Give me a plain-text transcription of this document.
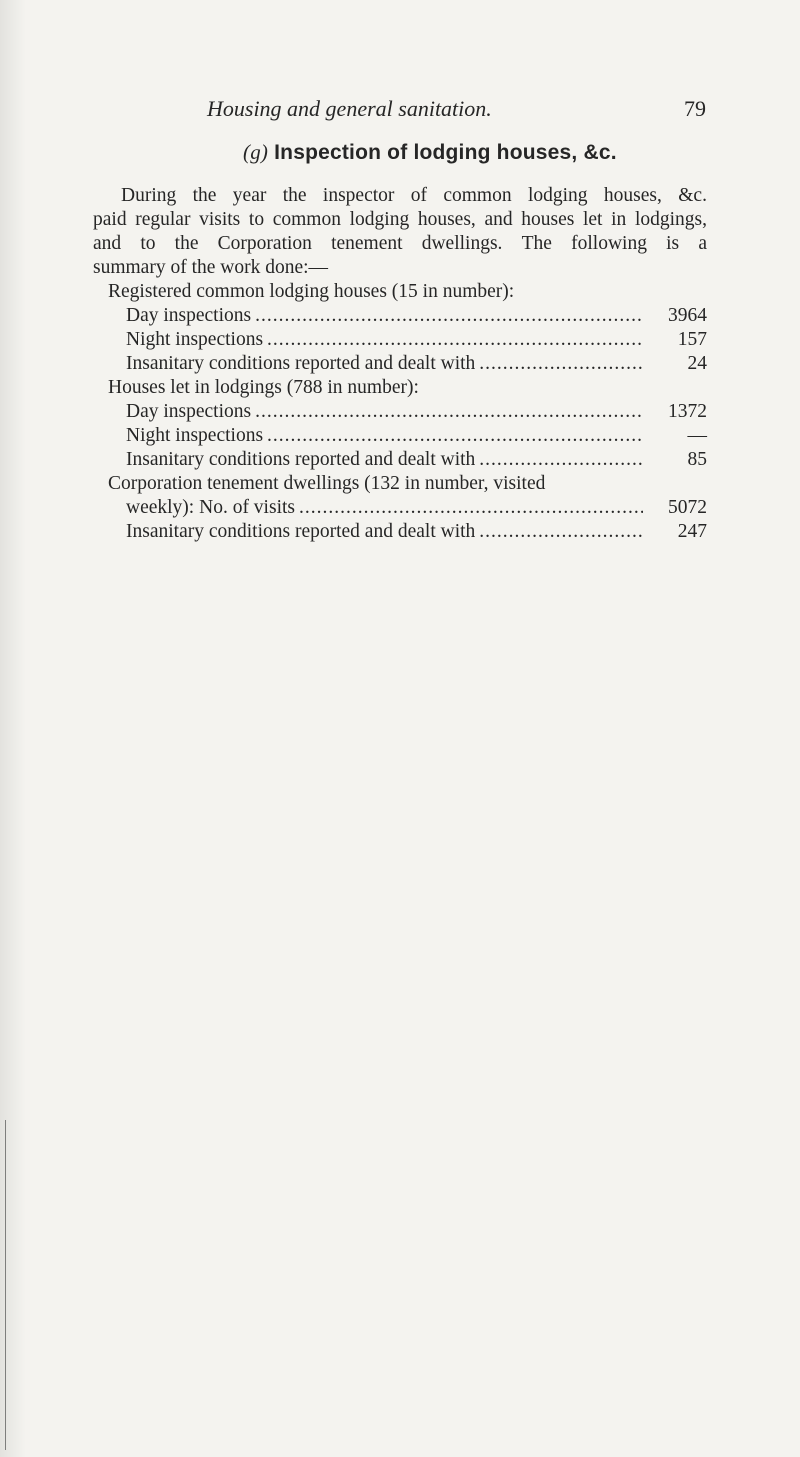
Housing and general sanitation.	79
(g) Inspection of lodging houses, &c.
During the year the inspector of common lodging houses, &c.
paid regular visits to common lodging houses, and houses let in lodgings,
and to the Corporation tenement dwellings. The following is a
summary of the work done:—
Registered common lodging houses (15 in number):
Day inspections .....	3964
Night inspections .....	157
Insanitary conditions reported and dealt with .....	24
Houses let in lodgings (788 in number):
Day inspections .....	1372
Night inspections .....	—
Insanitary conditions reported and dealt with .....	85
Corporation tenement dwellings (132 in number, visited
weekly): No. of visits .....	5072
Insanitary conditions reported and dealt with .....	247
